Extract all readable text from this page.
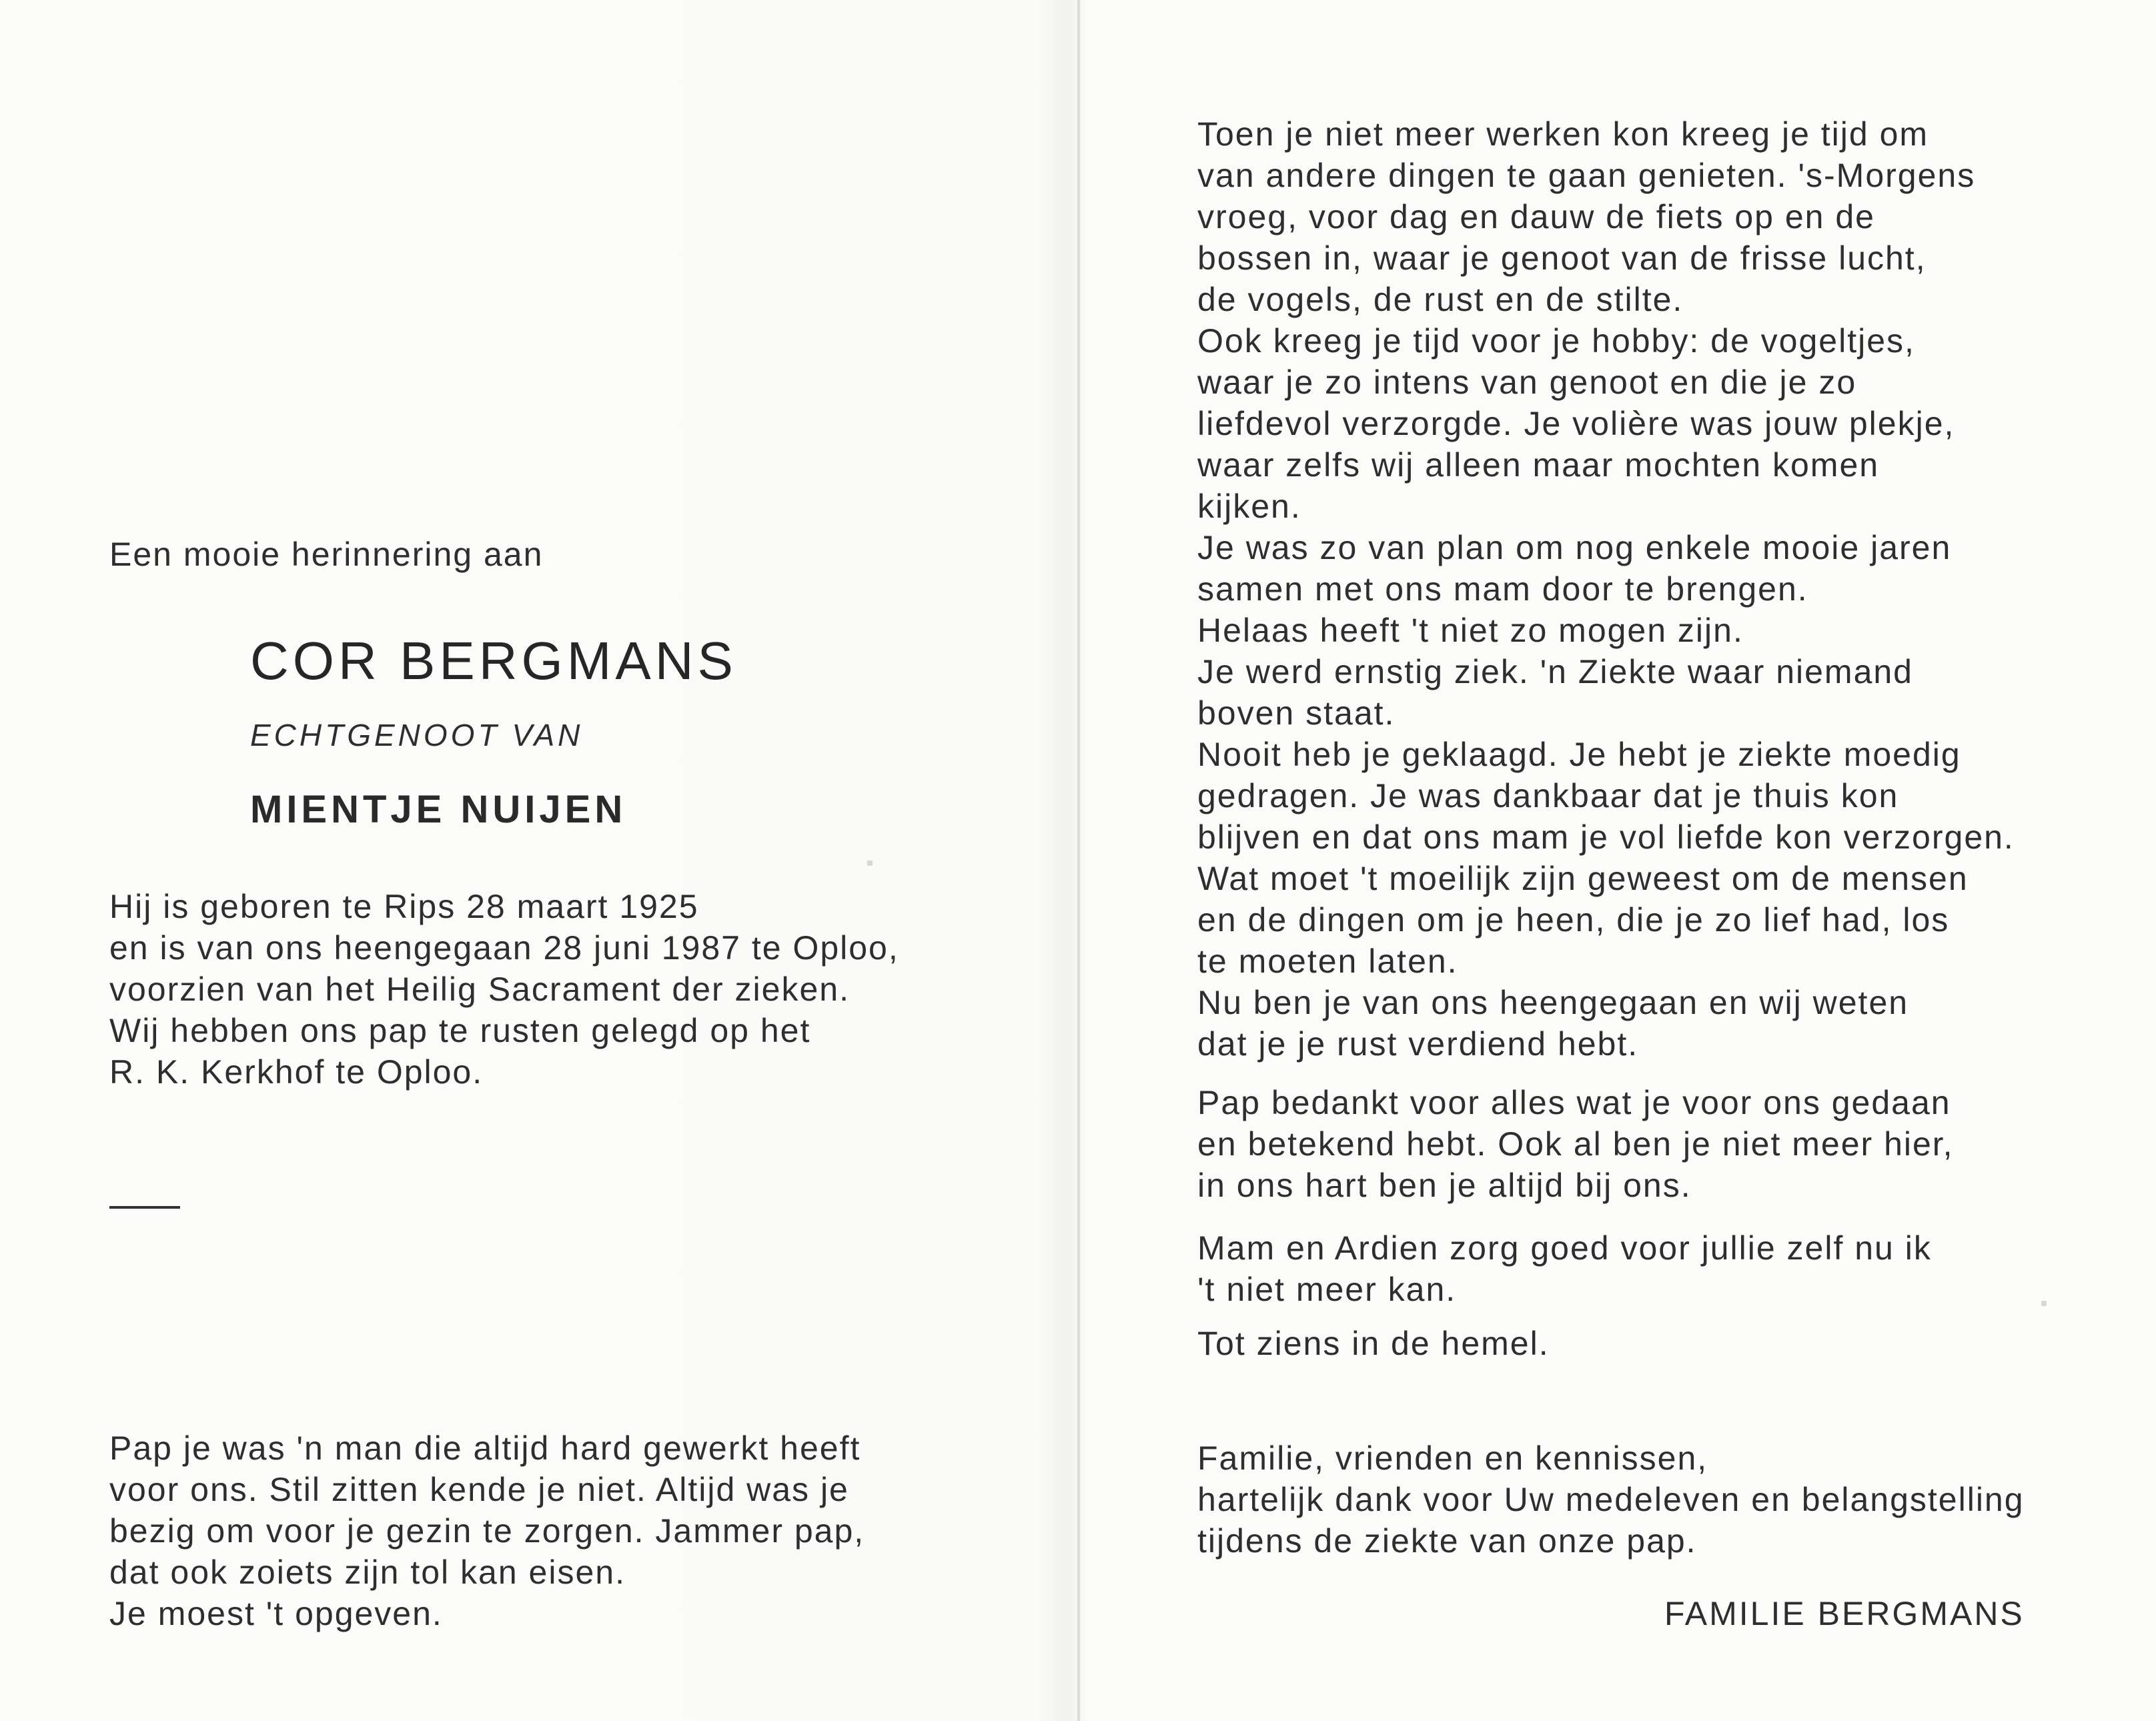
Een mooie herinnering aan
COR BERGMANS
ECHTGENOOT VAN
MIENTJE NUIJEN
Hij is geboren te Rips 28 maart 1925
en is van ons heengegaan 28 juni 1987 te Oploo,
voorzien van het Heilig Sacrament der zieken.
Wij hebben ons pap te rusten gelegd op het
R. K. Kerkhof te Oploo.
Pap je was 'n man die altijd hard gewerkt heeft
voor ons. Stil zitten kende je niet. Altijd was je
bezig om voor je gezin te zorgen. Jammer pap,
dat ook zoiets zijn tol kan eisen.
Je moest 't opgeven.
Toen je niet meer werken kon kreeg je tijd om
van andere dingen te gaan genieten. 's-Morgens
vroeg, voor dag en dauw de fiets op en de
bossen in, waar je genoot van de frisse lucht,
de vogels, de rust en de stilte.
Ook kreeg je tijd voor je hobby: de vogeltjes,
waar je zo intens van genoot en die je zo
liefdevol verzorgde. Je volière was jouw plekje,
waar zelfs wij alleen maar mochten komen
kijken.
Je was zo van plan om nog enkele mooie jaren
samen met ons mam door te brengen.
Helaas heeft 't niet zo mogen zijn.
Je werd ernstig ziek. 'n Ziekte waar niemand
boven staat.
Nooit heb je geklaagd. Je hebt je ziekte moedig
gedragen. Je was dankbaar dat je thuis kon
blijven en dat ons mam je vol liefde kon verzorgen.
Wat moet 't moeilijk zijn geweest om de mensen
en de dingen om je heen, die je zo lief had, los
te moeten laten.
Nu ben je van ons heengegaan en wij weten
dat je je rust verdiend hebt.
Pap bedankt voor alles wat je voor ons gedaan
en betekend hebt. Ook al ben je niet meer hier,
in ons hart ben je altijd bij ons.
Mam en Ardien zorg goed voor jullie zelf nu ik
't niet meer kan.
Tot ziens in de hemel.
Familie, vrienden en kennissen,
hartelijk dank voor Uw medeleven en belangstelling
tijdens de ziekte van onze pap.
FAMILIE BERGMANS
